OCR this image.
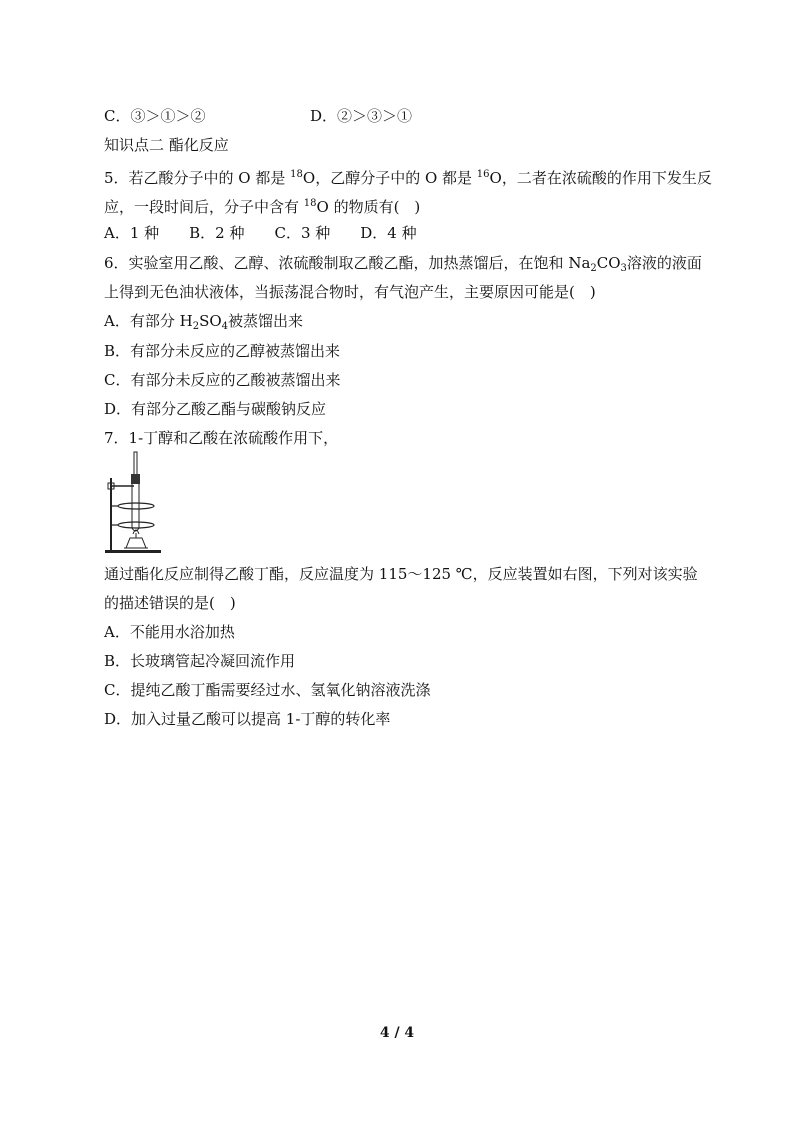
C．③＞①＞②	D．②＞③＞①
知识点二 酯化反应
5．若乙酸分子中的 O 都是 $^{18}$O，乙醇分子中的 O 都是 $^{16}$O，二者在浓硫酸的作用下发生反
应，一段时间后，分子中含有 $^{18}$O 的物质有(　)
A．1 种　　B．2 种　　C．3 种　　D．4 种
6．实验室用乙酸、乙醇、浓硫酸制取乙酸乙酯，加热蒸馏后，在饱和 $Na_2CO_3$溶液的液面
上得到无色油状液体，当振荡混合物时，有气泡产生，主要原因可能是(　)
A．有部分 $H_2SO_4$被蒸馏出来
B．有部分未反应的乙醇被蒸馏出来
C．有部分未反应的乙酸被蒸馏出来
D．有部分乙酸乙酯与碳酸钠反应
7．1-丁醇和乙酸在浓硫酸作用下，
通过酯化反应制得乙酸丁酯，反应温度为 115～125 ℃，反应装置如右图，下列对该实验
的描述错误的是(　)
A．不能用水浴加热
B．长玻璃管起冷凝回流作用
C．提纯乙酸丁酯需要经过水、氢氧化钠溶液洗涤
D．加入过量乙酸可以提高 1-丁醇的转化率
4 / 4
